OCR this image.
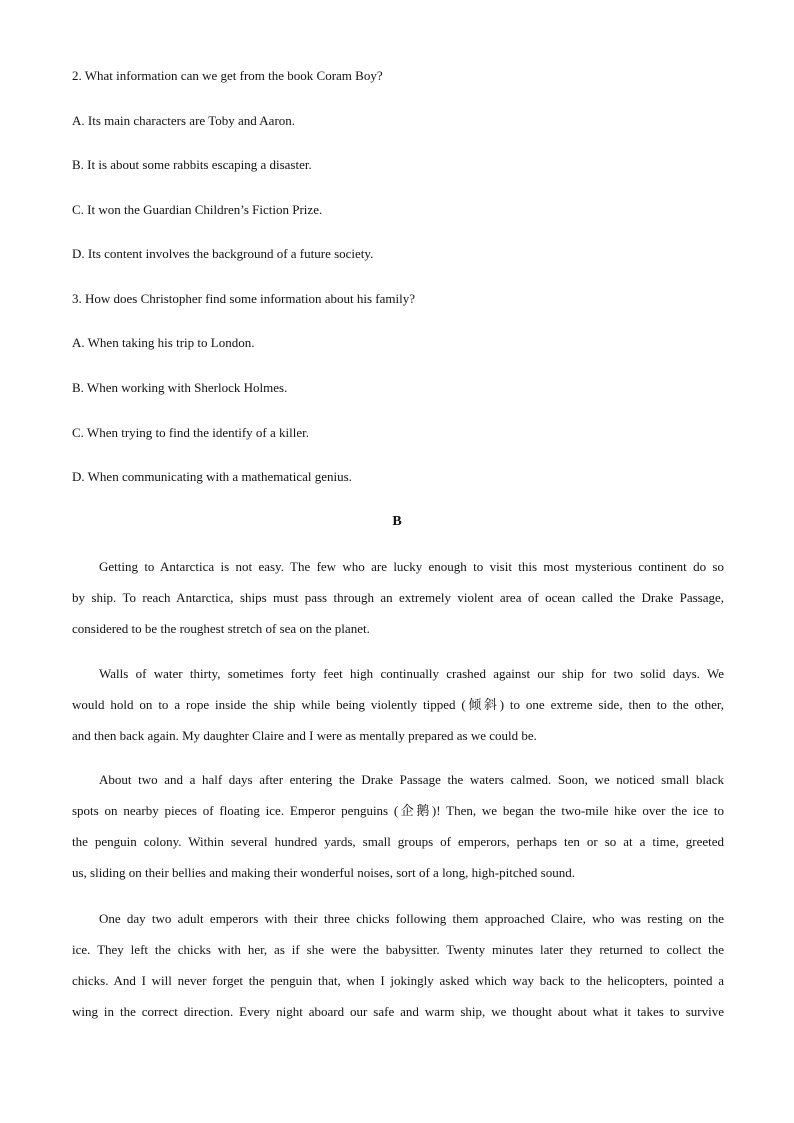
2. What information can we get from the book Coram Boy?
A. Its main characters are Toby and Aaron.
B. It is about some rabbits escaping a disaster.
C. It won the Guardian Children’s Fiction Prize.
D. Its content involves the background of a future society.
3. How does Christopher find some information about his family?
A. When taking his trip to London.
B. When working with Sherlock Holmes.
C. When trying to find the identify of a killer.
D. When communicating with a mathematical genius.
B
Getting to Antarctica is not easy. The few who are lucky enough to visit this most mysterious continent do so
by ship. To reach Antarctica, ships must pass through an extremely violent area of ocean called the Drake Passage,
considered to be the roughest stretch of sea on the planet.
Walls of water thirty, sometimes forty feet high continually crashed against our ship for two solid days. We
would hold on to a rope inside the ship while being violently tipped (倾斜) to one extreme side, then to the other,
and then back again. My daughter Claire and I were as mentally prepared as we could be.
About two and a half days after entering the Drake Passage the waters calmed. Soon, we noticed small black
spots on nearby pieces of floating ice. Emperor penguins (企鹅)! Then, we began the two-mile hike over the ice to
the penguin colony. Within several hundred yards, small groups of emperors, perhaps ten or so at a time, greeted
us, sliding on their bellies and making their wonderful noises, sort of a long, high-pitched sound.
One day two adult emperors with their three chicks following them approached Claire, who was resting on the
ice. They left the chicks with her, as if she were the babysitter. Twenty minutes later they returned to collect the
chicks. And I will never forget the penguin that, when I jokingly asked which way back to the helicopters, pointed a
wing in the correct direction. Every night aboard our safe and warm ship, we thought about what it takes to survive
